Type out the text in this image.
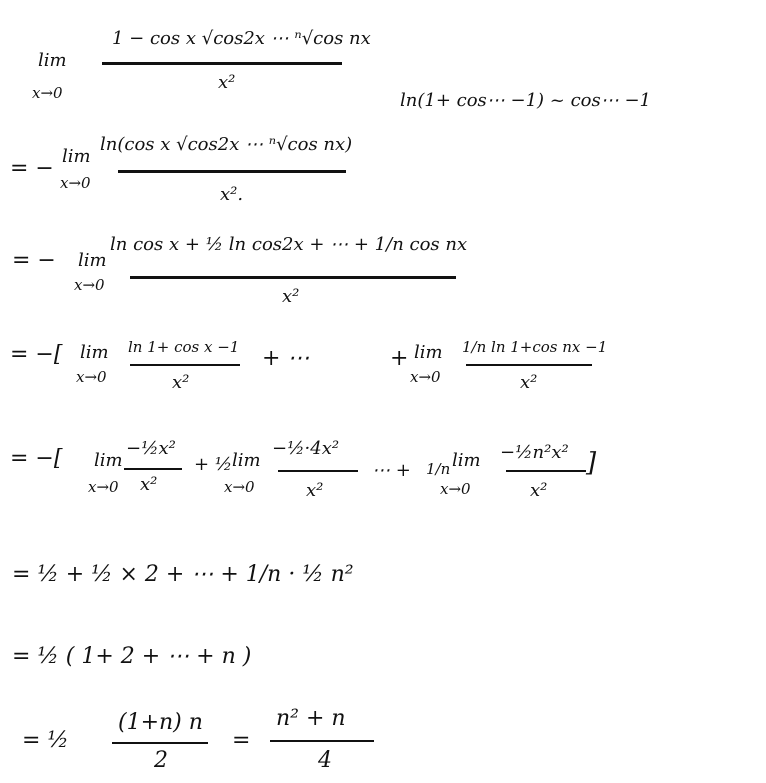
lim
x→0
1 − cos x √cos2x ⋯ ⁿ√cos nx
x²
ln(1+ cos⋯ −1) ~ cos⋯ −1
= − lim
x→0
ln(cos x √cos2x ⋯ ⁿ√cos nx)
x².
= − lim
x→0
ln cos x + ½ ln cos2x + ⋯ + 1/n cos nx
x²
= −[ lim
x→0
ln 1+ cos x −1
x²
+ ⋯	+ lim
x→0
1/n ln 1+cos nx −1
x²
= −[ lim
x→0
−½x²
x²
+ ½ lim
x→0
−½·4x²
x²
⋯ + 1/n lim
x→0
−½n²x²
x²
]
= ½ + ½ × 2 + ⋯ + 1/n · ½ n²
= ½ ( 1+ 2 + ⋯ + n )
= ½
(1+n) n
2
=
n² + n
4
